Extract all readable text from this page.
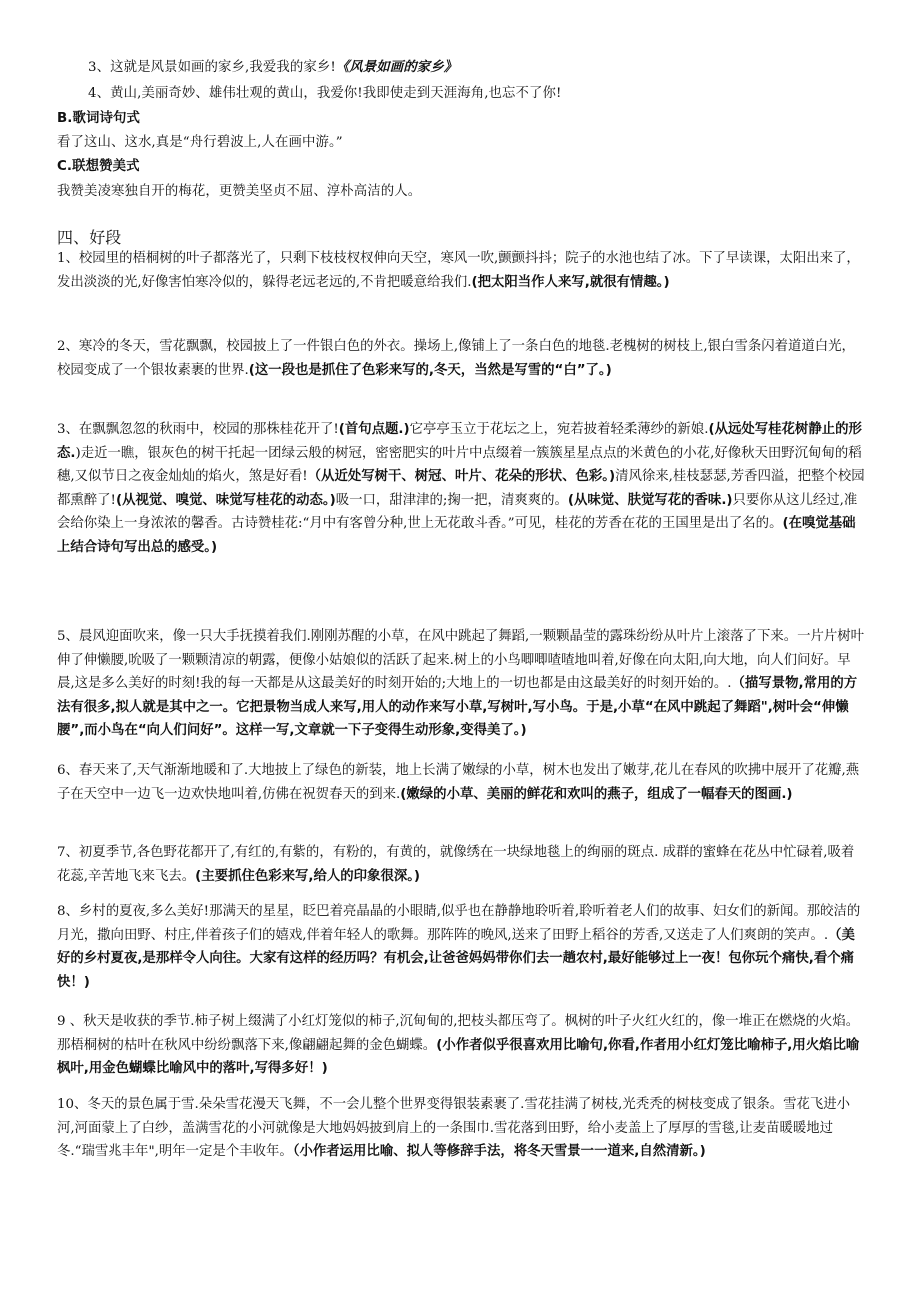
3、这就是风景如画的家乡,我爱我的家乡!《风景如画的家乡》
4、黄山,美丽奇妙、雄伟壮观的黄山，我爱你!我即使走到天涯海角,也忘不了你!
B.歌词诗句式
看了这山、这水,真是“舟行碧波上,人在画中游。”
C.联想赞美式
我赞美凌寒独自开的梅花，更赞美坚贞不屈、淳朴高洁的人。
四、好段
1、校园里的梧桐树的叶子都落光了，只剩下枝枝杈杈伸向天空，寒风一吹,颤颤抖抖；院子的水池也结了冰。下了早读课，太阳出来了，发出淡淡的光,好像害怕寒冷似的，躲得老远老远的,不肯把暖意给我们.(把太阳当作人来写,就很有情趣。)
2、寒冷的冬天，雪花飘飘，校园披上了一件银白色的外衣。操场上,像铺上了一条白色的地毯.老槐树的树枝上,银白雪条闪着道道白光，校园变成了一个银妆素裹的世界.(这一段也是抓住了色彩来写的,冬天，当然是写雪的“白”了。)
3、在飘飘忽忽的秋雨中，校园的那株桂花开了!(首句点题.)它亭亭玉立于花坛之上，宛若披着轻柔薄纱的新娘.(从远处写桂花树静止的形态.)走近一瞧，银灰色的树干托起一团绿云般的树冠，密密肥实的叶片中点缀着一簇簇星星点点的米黄色的小花,好像秋天田野沉甸甸的稻穗,又似节日之夜金灿灿的焰火，煞是好看!（从近处写树干、树冠、叶片、花朵的形状、色彩。)清风徐来,桂枝瑟瑟,芳香四溢，把整个校园都熏醉了!(从视觉、嗅觉、味觉写桂花的动态。)吸一口，甜津津的;掬一把，清爽爽的。(从味觉、肤觉写花的香味.)只要你从这儿经过,准会给你染上一身浓浓的馨香。古诗赞桂花:“月中有客曾分种,世上无花敢斗香。”可见，桂花的芳香在花的王国里是出了名的。(在嗅觉基础上结合诗句写出总的感受。)
5、晨风迎面吹来，像一只大手抚摸着我们.刚刚苏醒的小草，在风中跳起了舞蹈,一颗颗晶莹的露珠纷纷从叶片上滚落了下来。一片片树叶伸了伸懒腰,吮吸了一颗颗清凉的朝露，便像小姑娘似的活跃了起来.树上的小鸟唧唧喳喳地叫着,好像在向太阳,向大地，向人们问好。早晨,这是多么美好的时刻!我的每一天都是从这最美好的时刻开始的;大地上的一切也都是由这最美好的时刻开始的。.（描写景物,常用的方法有很多,拟人就是其中之一。它把景物当成人来写,用人的动作来写小草,写树叶,写小鸟。于是,小草“在风中跳起了舞蹈",树叶会“伸懒腰”,而小鸟在“向人们问好”。这样一写,文章就一下子变得生动形象,变得美了。)
6、春天来了,天气渐渐地暖和了.大地披上了绿色的新装，地上长满了嫩绿的小草，树木也发出了嫩芽,花儿在春风的吹拂中展开了花瓣,燕子在天空中一边飞一边欢快地叫着,仿佛在祝贺春天的到来.(嫩绿的小草、美丽的鲜花和欢叫的燕子，组成了一幅春天的图画.)
7、初夏季节,各色野花都开了,有红的,有紫的，有粉的，有黄的，就像绣在一块绿地毯上的绚丽的斑点. 成群的蜜蜂在花丛中忙碌着,吸着花蕊,辛苦地飞来飞去。(主要抓住色彩来写,给人的印象很深。)
8、乡村的夏夜,多么美好!那满天的星星，眨巴着亮晶晶的小眼睛,似乎也在静静地聆听着,聆听着老人们的故事、妇女们的新闻。那皎洁的月光，撒向田野、村庄,伴着孩子们的嬉戏,伴着年轻人的歌舞。那阵阵的晚风,送来了田野上稻谷的芳香,又送走了人们爽朗的笑声。.（美好的乡村夏夜,是那样令人向往。大家有这样的经历吗？有机会,让爸爸妈妈带你们去一趟农村,最好能够过上一夜！包你玩个痛快,看个痛快！)
9 、秋天是收获的季节.柿子树上缀满了小红灯笼似的柿子,沉甸甸的,把枝头都压弯了。枫树的叶子火红火红的，像一堆正在燃烧的火焰。那梧桐树的枯叶在秋风中纷纷飘落下来,像翩翩起舞的金色蝴蝶。(小作者似乎很喜欢用比喻句,你看,作者用小红灯笼比喻柿子,用火焰比喻枫叶,用金色蝴蝶比喻风中的落叶,写得多好！)
10、冬天的景色属于雪.朵朵雪花漫天飞舞，不一会儿整个世界变得银装素裹了.雪花挂满了树枝,光秃秃的树枝变成了银条。雪花飞进小河,河面蒙上了白纱，盖满雪花的小河就像是大地妈妈披到肩上的一条围巾.雪花落到田野，给小麦盖上了厚厚的雪毯,让麦苗暖暖地过冬.“瑞雪兆丰年",明年一定是个丰收年。（小作者运用比喻、拟人等修辞手法，将冬天雪景一一道来,自然清新。)
